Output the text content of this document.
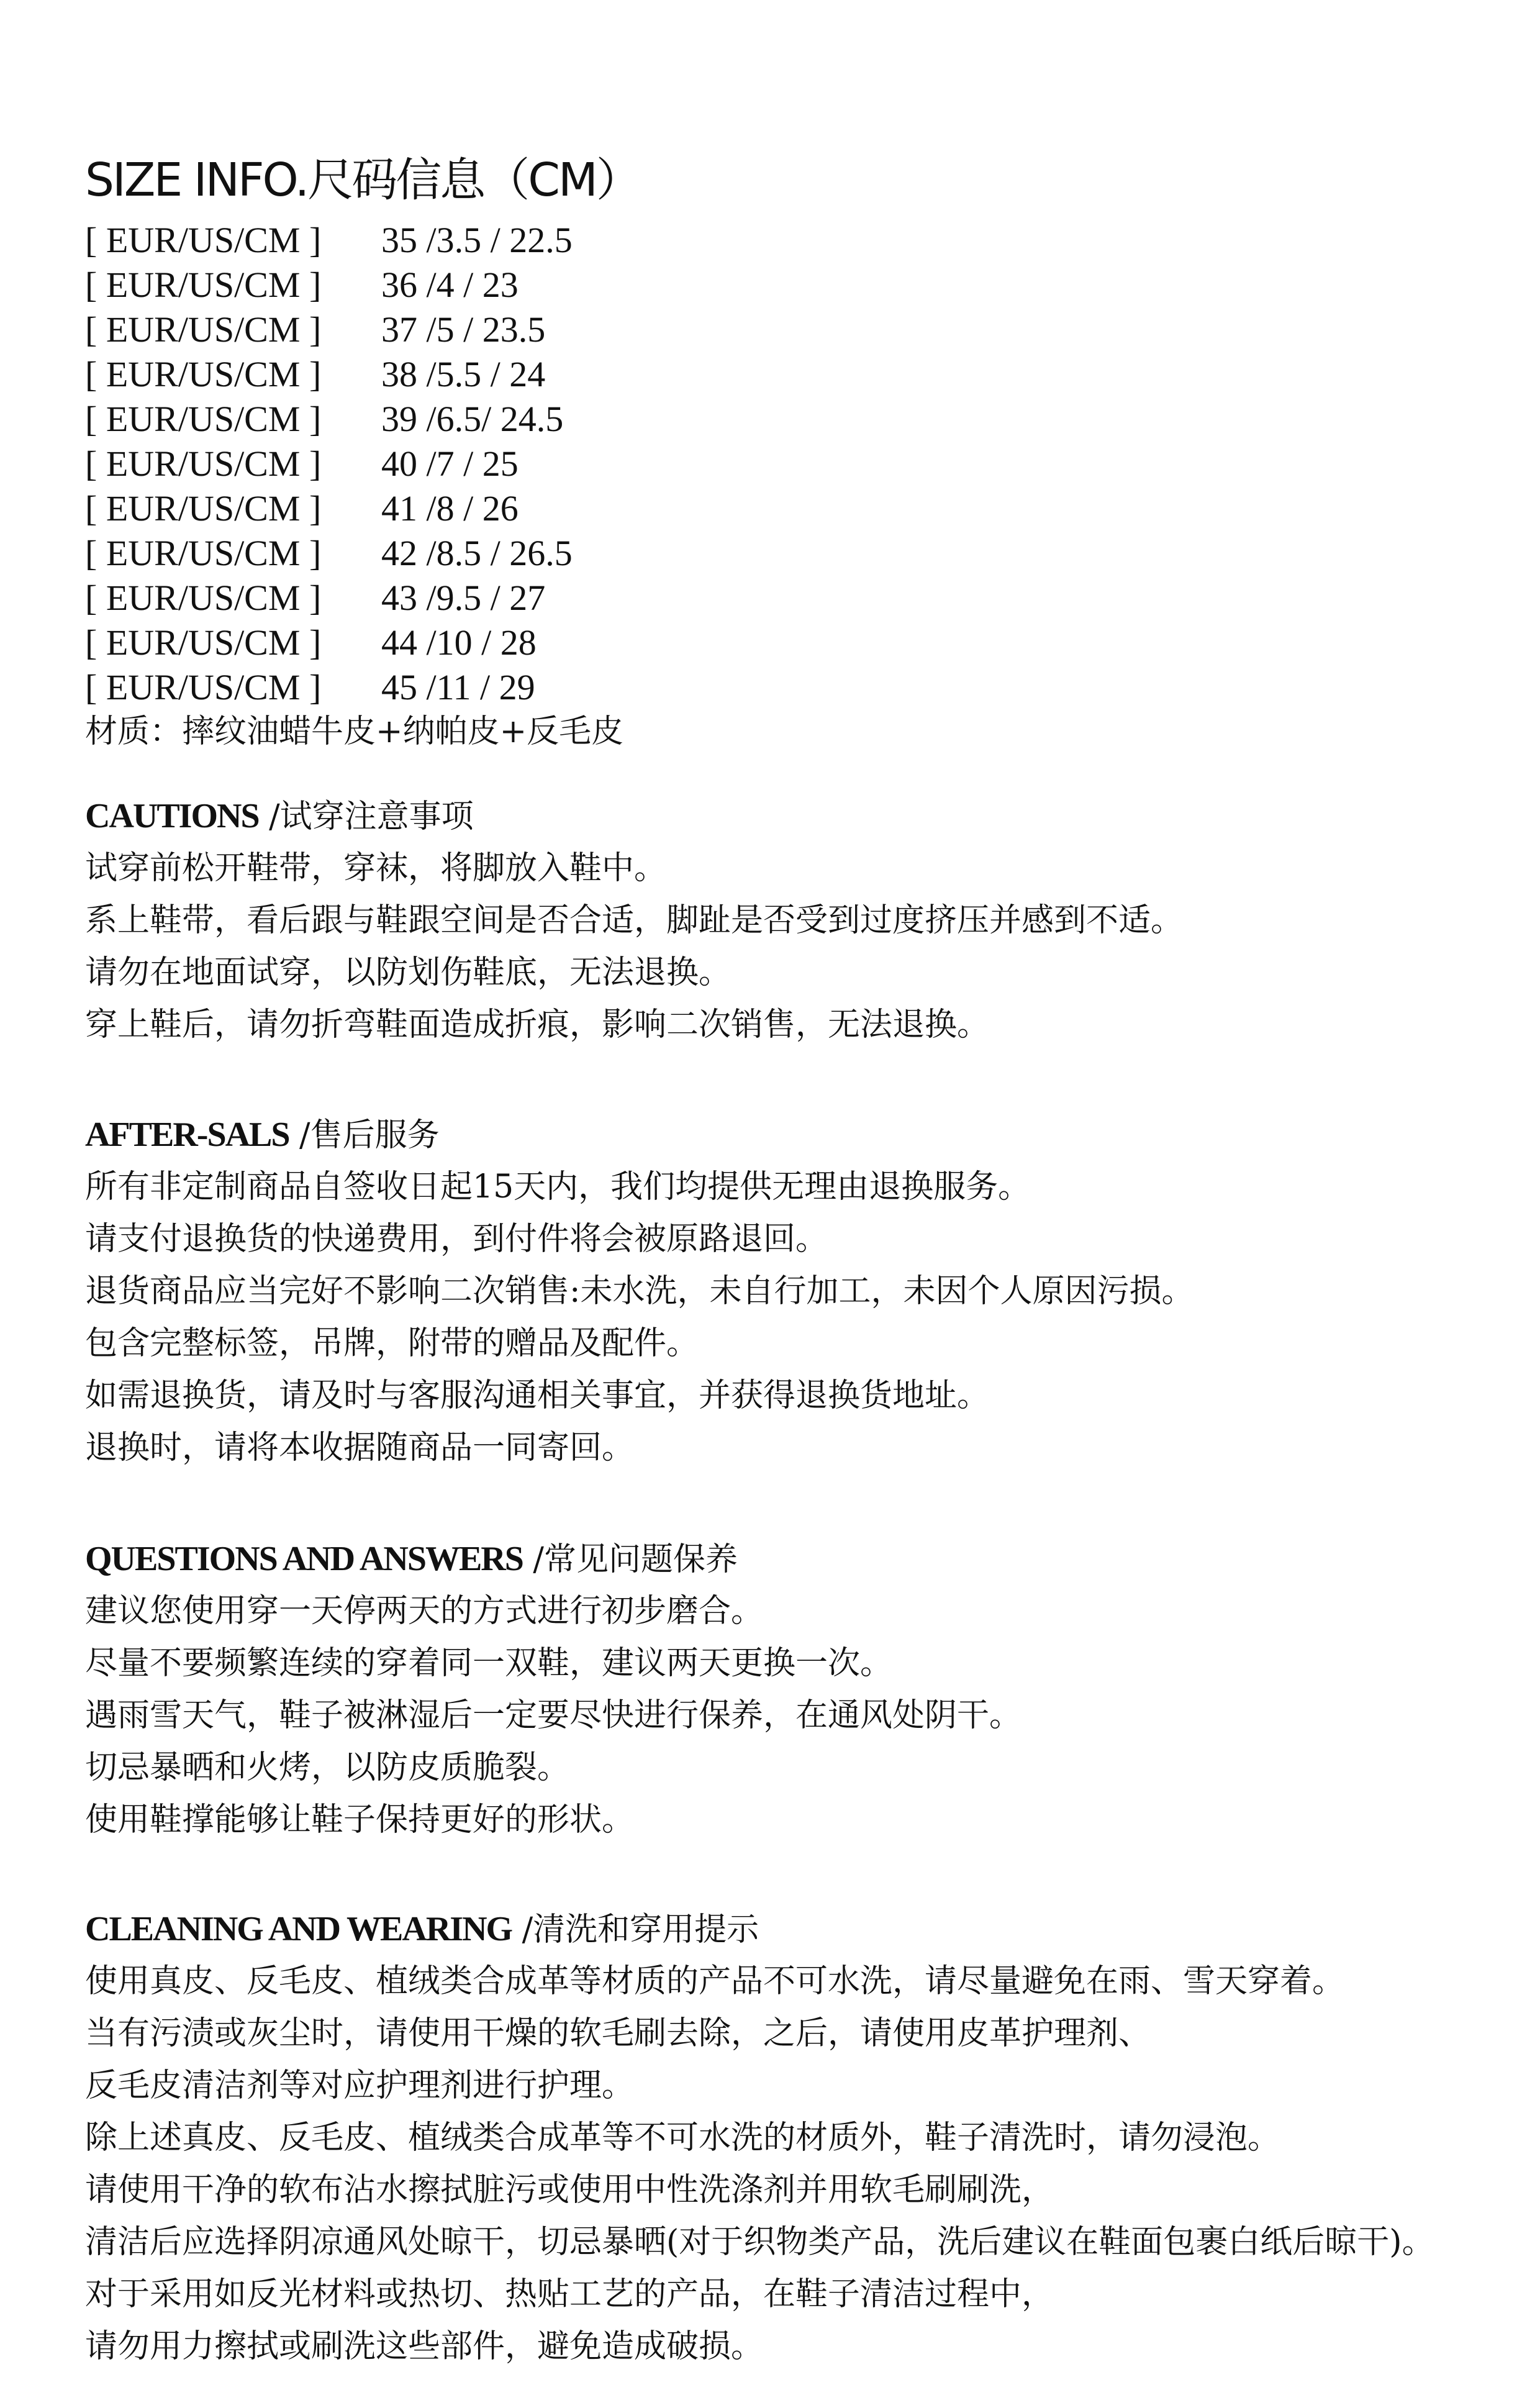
SIZE INFO.尺码信息（CM）
[ EUR/US/CM ]	35 /3.5 / 22.5
[ EUR/US/CM ]	36 /4 / 23
[ EUR/US/CM ]	37 /5 / 23.5
[ EUR/US/CM ]	38 /5.5 / 24
[ EUR/US/CM ]	39 /6.5/ 24.5
[ EUR/US/CM ]	40 /7 / 25
[ EUR/US/CM ]	41 /8 / 26
[ EUR/US/CM ]	42 /8.5 / 26.5
[ EUR/US/CM ]	43 /9.5 / 27
[ EUR/US/CM ]	44 /10 / 28
[ EUR/US/CM ]	45 /11 / 29

材质：摔纹油蜡牛皮+纳帕皮+反毛皮

CAUTIONS /试穿注意事项
试穿前松开鞋带，穿袜，将脚放入鞋中。
系上鞋带，看后跟与鞋跟空间是否合适，脚趾是否受到过度挤压并感到不适。
请勿在地面试穿，以防划伤鞋底，无法退换。
穿上鞋后，请勿折弯鞋面造成折痕，影响二次销售，无法退换。
AFTER-SALS /售后服务
所有非定制商品自签收日起15天内，我们均提供无理由退换服务。
请支付退换货的快递费用，到付件将会被原路退回。
退货商品应当完好不影响二次销售:未水洗，未自行加工，未因个人原因污损。
包含完整标签，吊牌，附带的赠品及配件。
如需退换货，请及时与客服沟通相关事宜，并获得退换货地址。
退换时，请将本收据随商品一同寄回。
QUESTIONS AND ANSWERS /常见问题保养
建议您使用穿一天停两天的方式进行初步磨合。
尽量不要频繁连续的穿着同一双鞋，建议两天更换一次。
遇雨雪天气，鞋子被淋湿后一定要尽快进行保养，在通风处阴干。
切忌暴晒和火烤，以防皮质脆裂。
使用鞋撑能够让鞋子保持更好的形状。
CLEANING AND WEARING /清洗和穿用提示
使用真皮、反毛皮、植绒类合成革等材质的产品不可水洗，请尽量避免在雨、雪天穿着。
当有污渍或灰尘时，请使用干燥的软毛刷去除，之后，请使用皮革护理剂、
反毛皮清洁剂等对应护理剂进行护理。
除上述真皮、反毛皮、植绒类合成革等不可水洗的材质外，鞋子清洗时，请勿浸泡。
请使用干净的软布沾水擦拭脏污或使用中性洗涤剂并用软毛刷刷洗，
清洁后应选择阴凉通风处晾干，切忌暴晒(对于织物类产品，洗后建议在鞋面包裹白纸后晾干)。
对于采用如反光材料或热切、热贴工艺的产品，在鞋子清洁过程中，
请勿用力擦拭或刷洗这些部件，避免造成破损。
